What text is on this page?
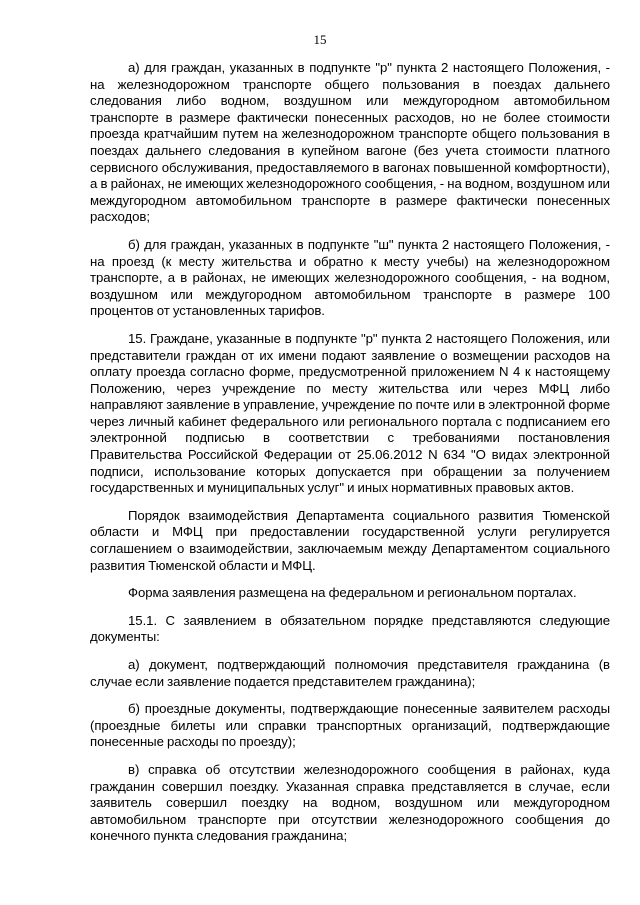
15

а) для граждан, указанных в подпункте "р" пункта 2 настоящего Положения, - на железнодорожном транспорте общего пользования в поездах дальнего следования либо водном, воздушном или междугородном автомобильном транспорте в размере фактически понесенных расходов, но не более стоимости проезда кратчайшим путем на железнодорожном транспорте общего пользования в поездах дальнего следования в купейном вагоне (без учета стоимости платного сервисного обслуживания, предоставляемого в вагонах повышенной комфортности), а в районах, не имеющих железнодорожного сообщения, - на водном, воздушном или междугородном автомобильном транспорте в размере фактически понесенных расходов;

б) для граждан, указанных в подпункте "ш" пункта 2 настоящего Положения, - на проезд (к месту жительства и обратно к месту учебы) на железнодорожном транспорте, а в районах, не имеющих железнодорожного сообщения, - на водном, воздушном или междугородном автомобильном транспорте в размере 100 процентов от установленных тарифов.

15. Граждане, указанные в подпункте "р" пункта 2 настоящего Положения, или представители граждан от их имени подают заявление о возмещении расходов на оплату проезда согласно форме, предусмотренной приложением N 4 к настоящему Положению, через учреждение по месту жительства или через МФЦ либо направляют заявление в управление, учреждение по почте или в электронной форме через личный кабинет федерального или регионального портала с подписанием его электронной подписью в соответствии с требованиями постановления Правительства Российской Федерации от 25.06.2012 N 634 "О видах электронной подписи, использование которых допускается при обращении за получением государственных и муниципальных услуг" и иных нормативных правовых актов.

Порядок взаимодействия Департамента социального развития Тюменской области и МФЦ при предоставлении государственной услуги регулируется соглашением о взаимодействии, заключаемым между Департаментом социального развития Тюменской области и МФЦ.

Форма заявления размещена на федеральном и региональном порталах.

15.1. С заявлением в обязательном порядке представляются следующие документы:

а) документ, подтверждающий полномочия представителя гражданина (в случае если заявление подается представителем гражданина);

б) проездные документы, подтверждающие понесенные заявителем расходы (проездные билеты или справки транспортных организаций, подтверждающие понесенные расходы по проезду);

в) справка об отсутствии железнодорожного сообщения в районах, куда гражданин совершил поездку. Указанная справка представляется в случае, если заявитель совершил поездку на водном, воздушном или междугородном автомобильном транспорте при отсутствии железнодорожного сообщения до конечного пункта следования гражданина;
